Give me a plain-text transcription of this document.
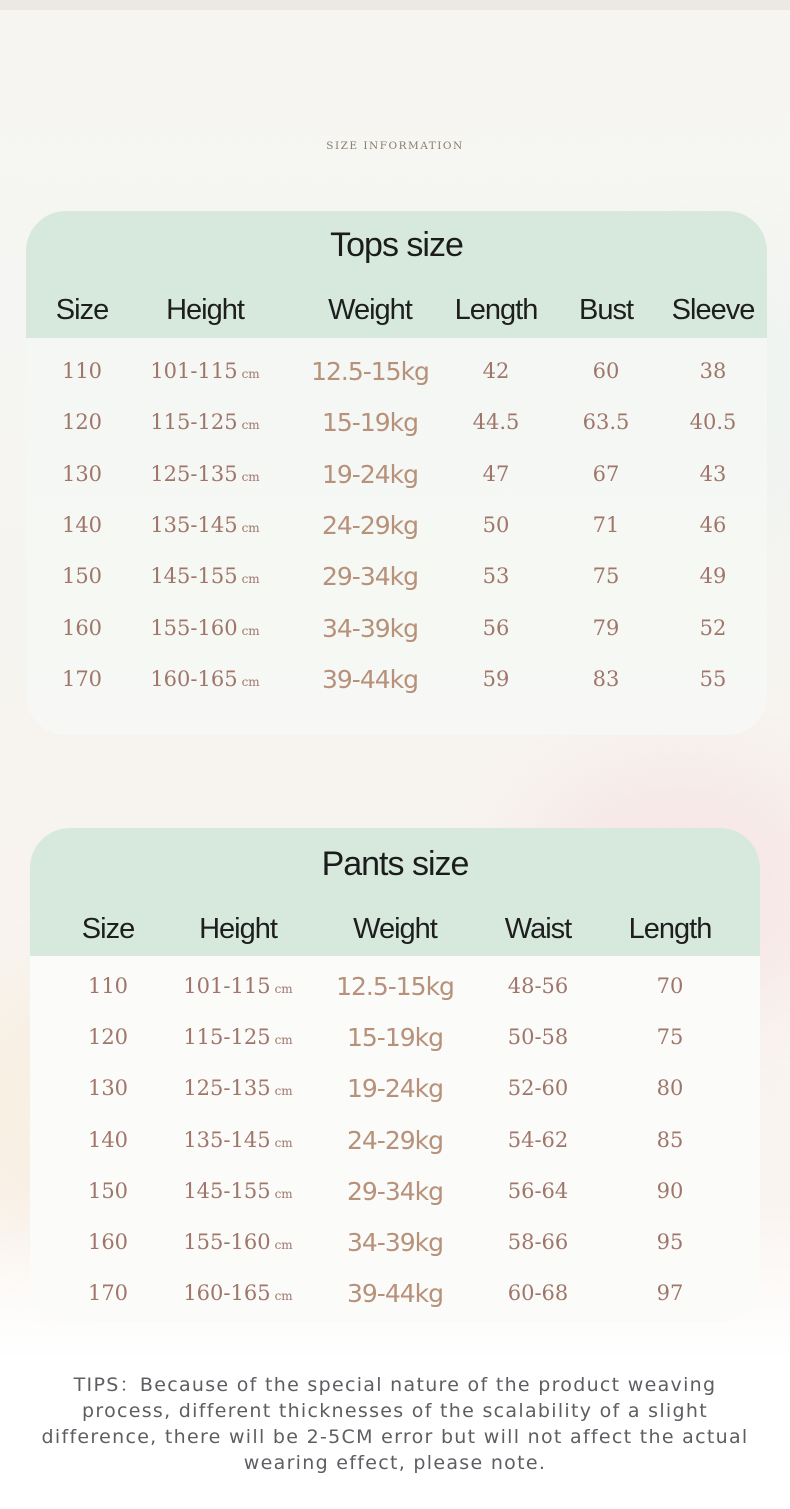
SIZE INFORMATION
Tops size
Size Height	Weight Length Bust Sleeve
110 101-115 cm 12.5-15kg	42	60	38
120 115-125 cm 15-19kg	44.5	63.5	40.5
130 125-135 cm 19-24kg	47	67	43
140 135-145 cm 24-29kg	50	71	46
150 145-155 cm 29-34kg	53	75	49
160 155-160 cm 34-39kg	56	79	52
170 160-165 cm 39-44kg	59	83	55
Pants size
Size Height	Weight Waist Length
110	101-115 cm 12.5-15kg	48-56	70
120	115-125 cm 15-19kg	50-58	75
130	125-135 cm 19-24kg	52-60	80
140	135-145 cm 24-29kg	54-62	85
150	145-155 cm 29-34kg	56-64	90
160	155-160 cm 34-39kg	58-66	95
170	160-165 cm 39-44kg	60-68	97
TIPS：Because of the special nature of the product weaving process, different thicknesses of the scalability of a slight difference, there will be 2-5CM error but will not affect the actual wearing effect, please note.
